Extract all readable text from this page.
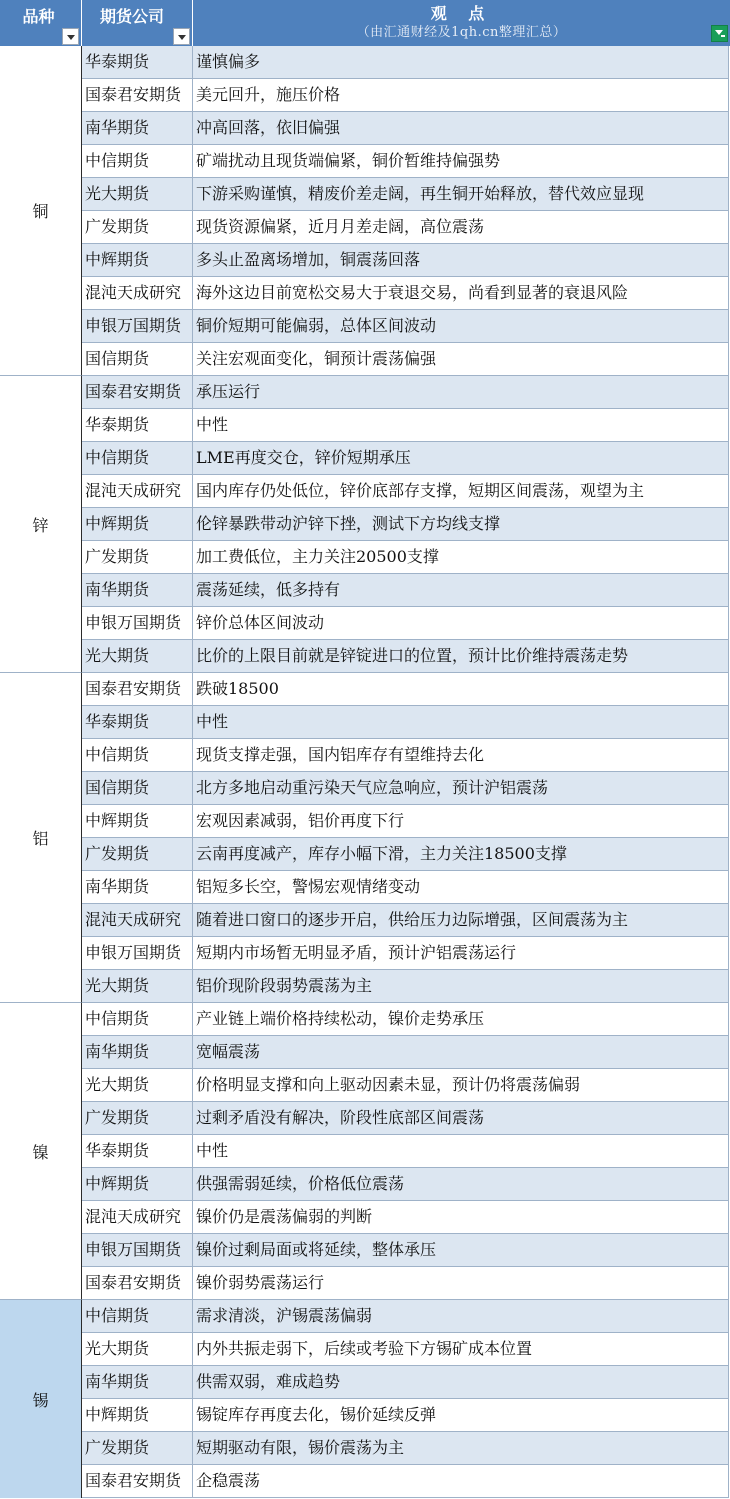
品种	期货公司	观 点
（由汇通财经及1qh.cn整理汇总）
铜
华泰期货	谨慎偏多
国泰君安期货 美元回升，施压价格
南华期货	冲高回落，依旧偏强
中信期货	矿端扰动且现货端偏紧，铜价暂维持偏强势
光大期货	下游采购谨慎，精废价差走阔，再生铜开始释放，替代效应显现
广发期货	现货资源偏紧，近月月差走阔，高位震荡
中辉期货	多头止盈离场增加，铜震荡回落
混沌天成研究 海外这边目前宽松交易大于衰退交易，尚看到显著的衰退风险
申银万国期货 铜价短期可能偏弱，总体区间波动
国信期货	关注宏观面变化，铜预计震荡偏强
锌
国泰君安期货 承压运行
华泰期货	中性
中信期货	LME再度交仓，锌价短期承压
混沌天成研究 国内库存仍处低位，锌价底部存支撑，短期区间震荡，观望为主
中辉期货	伦锌暴跌带动沪锌下挫，测试下方均线支撑
广发期货	加工费低位，主力关注20500支撑
南华期货	震荡延续，低多持有
申银万国期货 锌价总体区间波动
光大期货	比价的上限目前就是锌锭进口的位置，预计比价维持震荡走势
铝
国泰君安期货 跌破18500
华泰期货	中性
中信期货	现货支撑走强，国内铝库存有望维持去化
国信期货	北方多地启动重污染天气应急响应，预计沪铝震荡
中辉期货	宏观因素减弱，铝价再度下行
广发期货	云南再度减产，库存小幅下滑，主力关注18500支撑
南华期货	铝短多长空，警惕宏观情绪变动
混沌天成研究 随着进口窗口的逐步开启，供给压力边际增强，区间震荡为主
申银万国期货 短期内市场暂无明显矛盾，预计沪铝震荡运行
光大期货	铝价现阶段弱势震荡为主
镍
中信期货	产业链上端价格持续松动，镍价走势承压
南华期货	宽幅震荡
光大期货	价格明显支撑和向上驱动因素未显，预计仍将震荡偏弱
广发期货	过剩矛盾没有解决，阶段性底部区间震荡
华泰期货	中性
中辉期货	供强需弱延续，价格低位震荡
混沌天成研究 镍价仍是震荡偏弱的判断
申银万国期货 镍价过剩局面或将延续，整体承压
国泰君安期货 镍价弱势震荡运行
锡
中信期货	需求清淡，沪锡震荡偏弱
光大期货	内外共振走弱下，后续或考验下方锡矿成本位置
南华期货	供需双弱，难成趋势
中辉期货	锡锭库存再度去化，锡价延续反弹
广发期货	短期驱动有限，锡价震荡为主
国泰君安期货 企稳震荡
